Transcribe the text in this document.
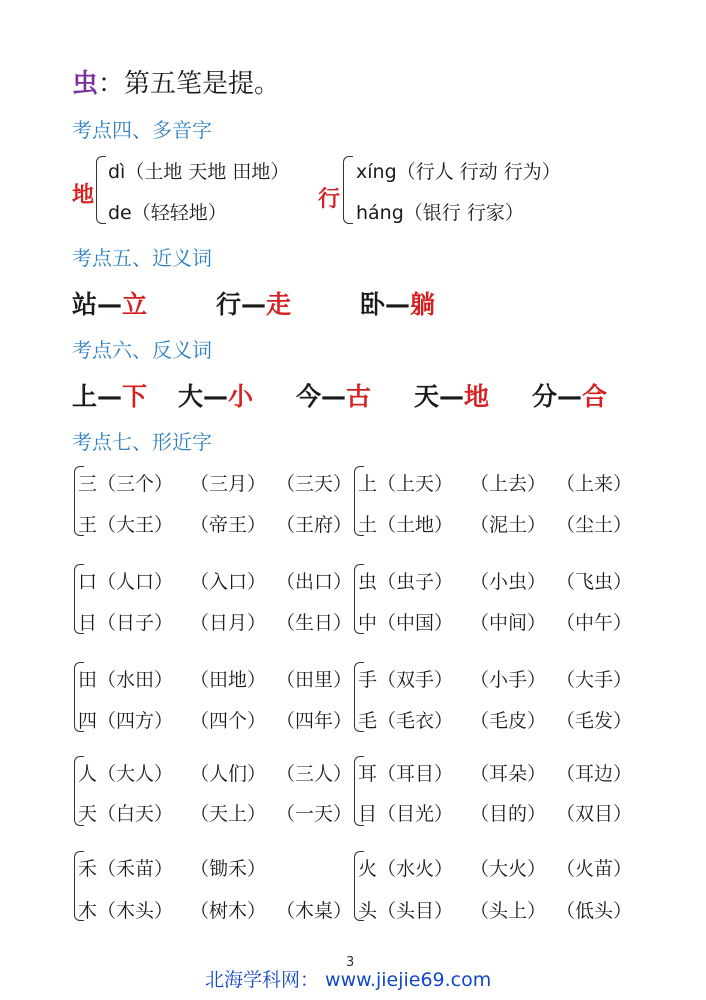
虫：第五笔是提。
考点四、多音字
地
dì（土地 天地 田地）
de（轻轻地）
行
xíng（行人 行动 行为）
háng（银行 行家）
考点五、近义词
站—立	行—走	卧—躺
考点六、反义词
上—下 大—小 今—古 天—地 分—合
考点七、形近字
三（三个） （三月） （三天）
王（大王） （帝王） （王府）
上（上天） （上去） （上来）
土（土地） （泥土） （尘土）
口（人口） （入口） （出口）
日（日子） （日月） （生日）
虫（虫子） （小虫） （飞虫）
中（中国） （中间） （中午）
田（水田） （田地） （田里）
四（四方） （四个） （四年）
手（双手） （小手） （大手）
毛（毛衣） （毛皮） （毛发）
人（大人） （人们） （三人）
天（白天） （天上） （一天）
耳（耳目） （耳朵） （耳边）
目（目光） （目的） （双目）
禾（禾苗） （锄禾）
木（木头） （树木） （木桌）
火（水火） （大火） （火苗）
头（头目） （头上） （低头）
3
北海学科网： www.jiejie69.com
